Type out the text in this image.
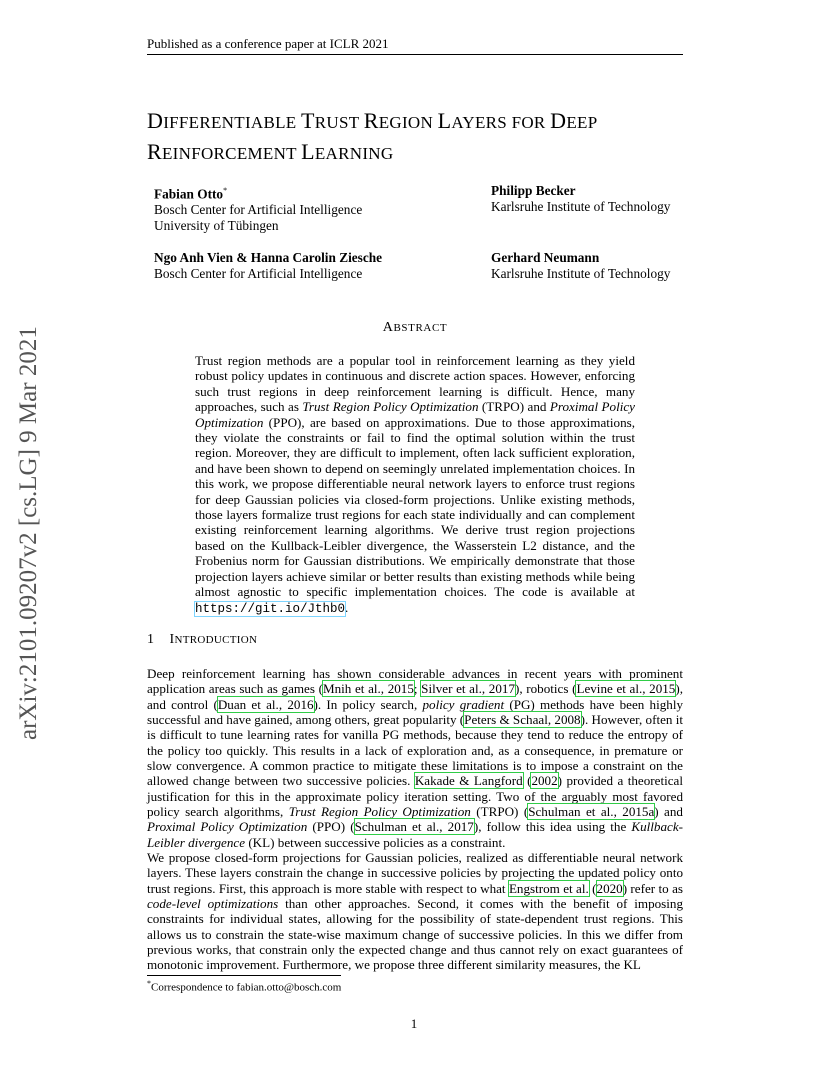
Published as a conference paper at ICLR 2021
arXiv:2101.09207v2 [cs.LG] 9 Mar 2021
DIFFERENTIABLE TRUST REGION LAYERS FOR DEEP
REINFORCEMENT LEARNING
Fabian Otto*
Bosch Center for Artificial Intelligence
University of Tübingen
Philipp Becker
Karlsruhe Institute of Technology
Ngo Anh Vien & Hanna Carolin Ziesche
Bosch Center for Artificial Intelligence
Gerhard Neumann
Karlsruhe Institute of Technology
ABSTRACT
Trust region methods are a popular tool in reinforcement learning as they yield robust policy updates in continuous and discrete action spaces. However, enforcing such trust regions in deep reinforcement learning is difficult. Hence, many approaches, such as Trust Region Policy Optimization (TRPO) and Proximal Policy Optimization (PPO), are based on approximations. Due to those approximations, they violate the constraints or fail to find the optimal solution within the trust region. Moreover, they are difficult to implement, often lack sufficient exploration, and have been shown to depend on seemingly unrelated implementation choices. In this work, we propose differentiable neural network layers to enforce trust regions for deep Gaussian policies via closed-form projections. Unlike existing methods, those layers formalize trust regions for each state individually and can complement existing reinforcement learning algorithms. We derive trust region projections based on the Kullback-Leibler divergence, the Wasserstein L2 distance, and the Frobenius norm for Gaussian distributions. We empirically demonstrate that those projection layers achieve similar or better results than existing methods while being almost agnostic to specific implementation choices. The code is available at https://git.io/Jthb0.
1 INTRODUCTION
Deep reinforcement learning has shown considerable advances in recent years with prominent application areas such as games (Mnih et al., 2015; Silver et al., 2017), robotics (Levine et al., 2015), and control (Duan et al., 2016). In policy search, policy gradient (PG) methods have been highly successful and have gained, among others, great popularity (Peters & Schaal, 2008). However, often it is difficult to tune learning rates for vanilla PG methods, because they tend to reduce the entropy of the policy too quickly. This results in a lack of exploration and, as a consequence, in premature or slow convergence. A common practice to mitigate these limitations is to impose a constraint on the allowed change between two successive policies. Kakade & Langford (2002) provided a theoretical justification for this in the approximate policy iteration setting. Two of the arguably most favored policy search algorithms, Trust Region Policy Optimization (TRPO) (Schulman et al., 2015a) and Proximal Policy Optimization (PPO) (Schulman et al., 2017), follow this idea using the Kullback-Leibler divergence (KL) between successive policies as a constraint.
We propose closed-form projections for Gaussian policies, realized as differentiable neural network layers. These layers constrain the change in successive policies by projecting the updated policy onto trust regions. First, this approach is more stable with respect to what Engstrom et al. (2020) refer to as code-level optimizations than other approaches. Second, it comes with the benefit of imposing constraints for individual states, allowing for the possibility of state-dependent trust regions. This allows us to constrain the state-wise maximum change of successive policies. In this we differ from previous works, that constrain only the expected change and thus cannot rely on exact guarantees of monotonic improvement. Furthermore, we propose three different similarity measures, the KL
*Correspondence to fabian.otto@bosch.com
1
